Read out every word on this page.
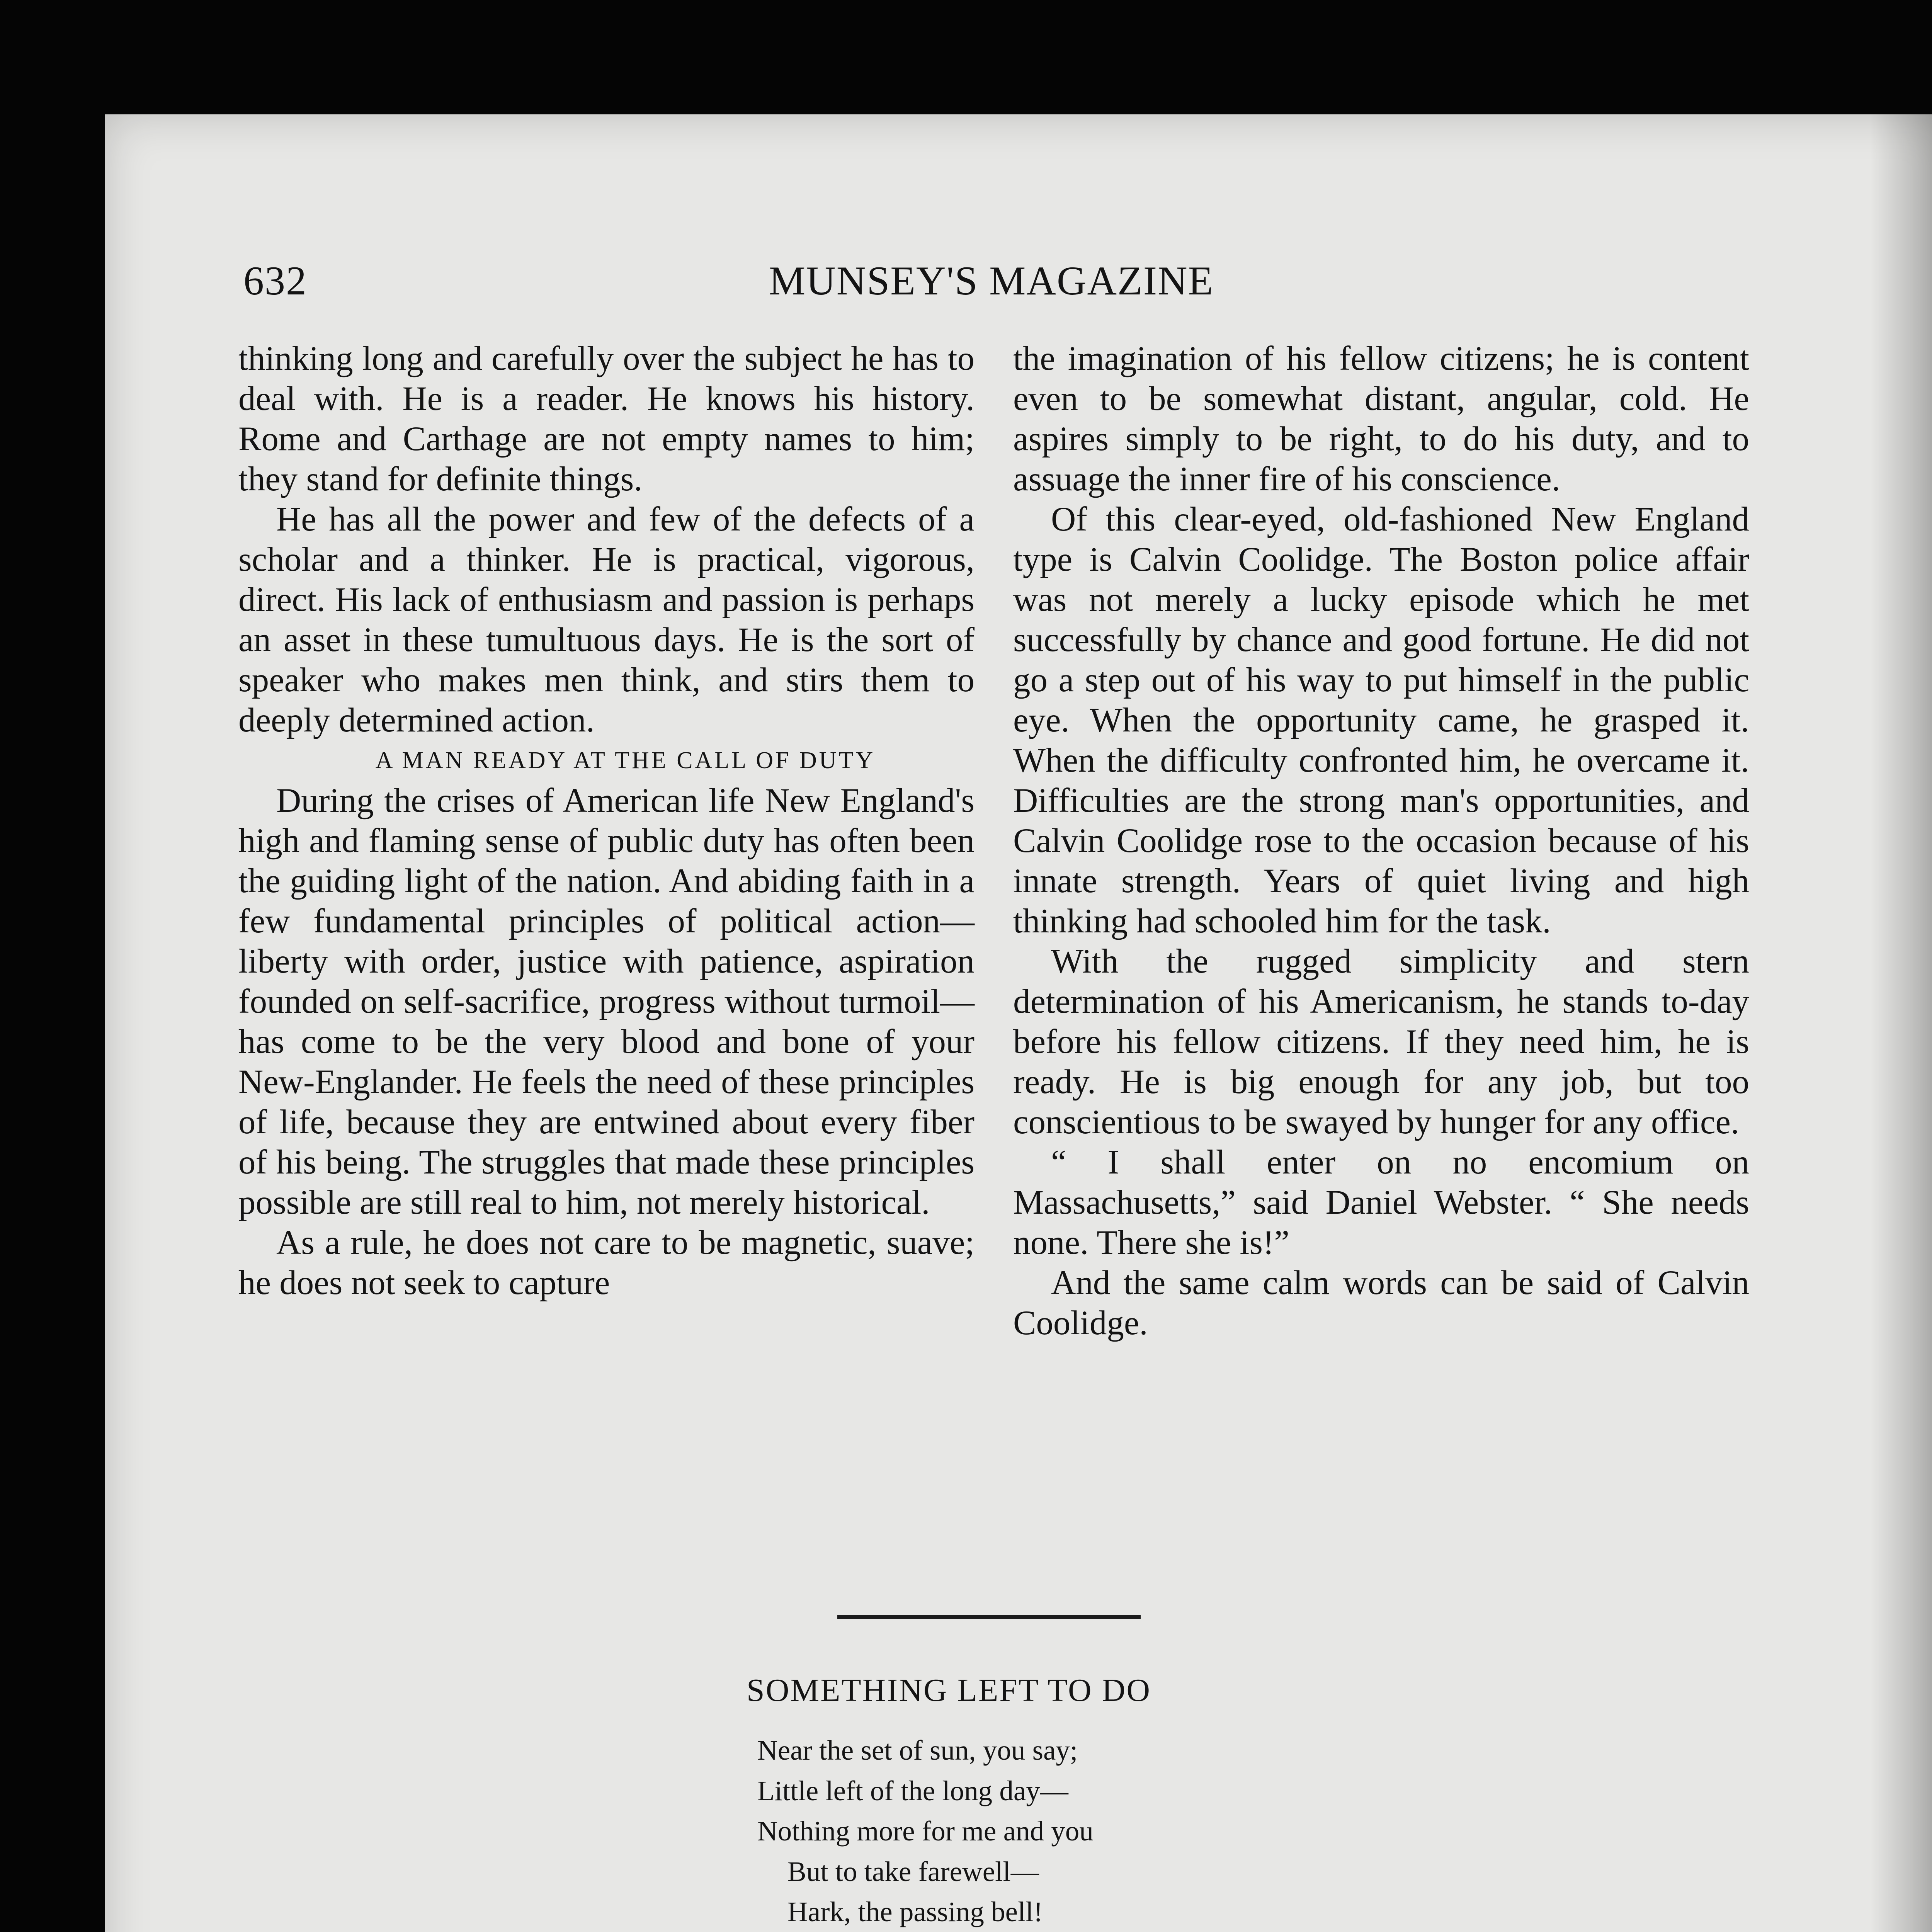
632	MUNSEY'S MAGAZINE

thinking long and carefully over the subject he has to deal with. He is a reader. He knows his history. Rome and Carthage are not empty names to him; they stand for definite things.

He has all the power and few of the defects of a scholar and a thinker. He is practical, vigorous, direct. His lack of enthusiasm and passion is perhaps an asset in these tumultuous days. He is the sort of speaker who makes men think, and stirs them to deeply determined action.

A MAN READY AT THE CALL OF DUTY

During the crises of American life New England's high and flaming sense of public duty has often been the guiding light of the nation. And abiding faith in a few fundamental principles of political action—liberty with order, justice with patience, aspiration founded on self-sacrifice, progress without turmoil—has come to be the very blood and bone of your New-Englander. He feels the need of these principles of life, because they are entwined about every fiber of his being. The struggles that made these principles possible are still real to him, not merely historical.

As a rule, he does not care to be magnetic, suave; he does not seek to capture

the imagination of his fellow citizens; he is content even to be somewhat distant, angular, cold. He aspires simply to be right, to do his duty, and to assuage the inner fire of his conscience.

Of this clear-eyed, old-fashioned New England type is Calvin Coolidge. The Boston police affair was not merely a lucky episode which he met successfully by chance and good fortune. He did not go a step out of his way to put himself in the public eye. When the opportunity came, he grasped it. When the difficulty confronted him, he overcame it. Difficulties are the strong man's opportunities, and Calvin Coolidge rose to the occasion because of his innate strength. Years of quiet living and high thinking had schooled him for the task.

With the rugged simplicity and stern determination of his Americanism, he stands to-day before his fellow citizens. If they need him, he is ready. He is big enough for any job, but too conscientious to be swayed by hunger for any office.

“ I shall enter on no encomium on Massachusetts,” said Daniel Webster. “ She needs none. There she is!”

And the same calm words can be said of Calvin Coolidge.

SOMETHING LEFT TO DO
Near the set of sun, you say;
Little left of the long day—
Nothing more for me and you
But to take farewell—
Hark, the passing bell!
